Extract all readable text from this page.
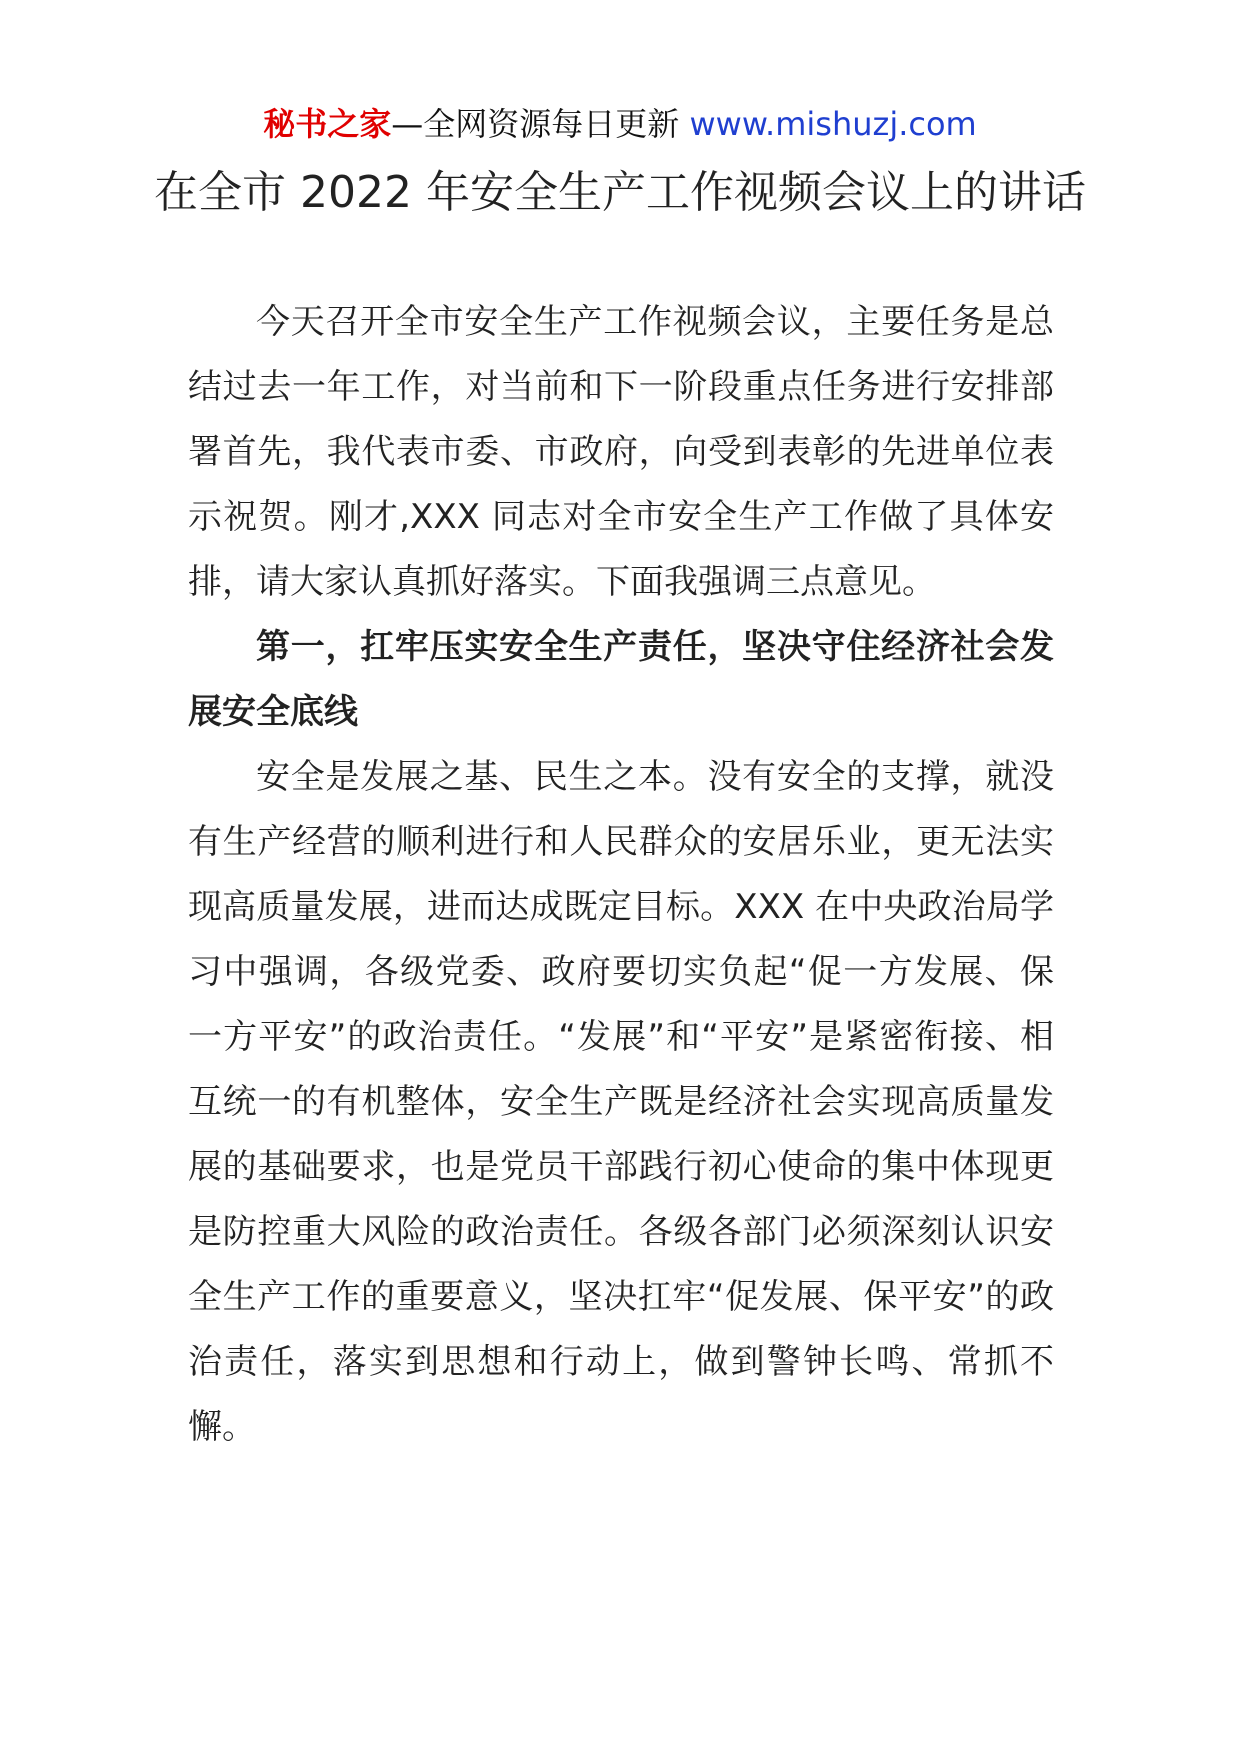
秘书之家—全网资源每日更新 www.mishuzj.com
在全市 2022 年安全生产工作视频会议上的讲话

今天召开全市安全生产工作视频会议，主要任务是总结过去一年工作，对当前和下一阶段重点任务进行安排部署首先，我代表市委、市政府，向受到表彰的先进单位表示祝贺。刚才,XXX 同志对全市安全生产工作做了具体安排，请大家认真抓好落实。下面我强调三点意见。

第一，扛牢压实安全生产责任，坚决守住经济社会发展安全底线

安全是发展之基、民生之本。没有安全的支撑，就没有生产经营的顺利进行和人民群众的安居乐业，更无法实现高质量发展，进而达成既定目标。XXX 在中央政治局学习中强调，各级党委、政府要切实负起“促一方发展、保一方平安”的政治责任。“发展”和“平安”是紧密衔接、相互统一的有机整体，安全生产既是经济社会实现高质量发展的基础要求，也是党员干部践行初心使命的集中体现更是防控重大风险的政治责任。各级各部门必须深刻认识安全生产工作的重要意义，坚决扛牢“促发展、保平安”的政治责任，落实到思想和行动上，做到警钟长鸣、常抓不懈。
